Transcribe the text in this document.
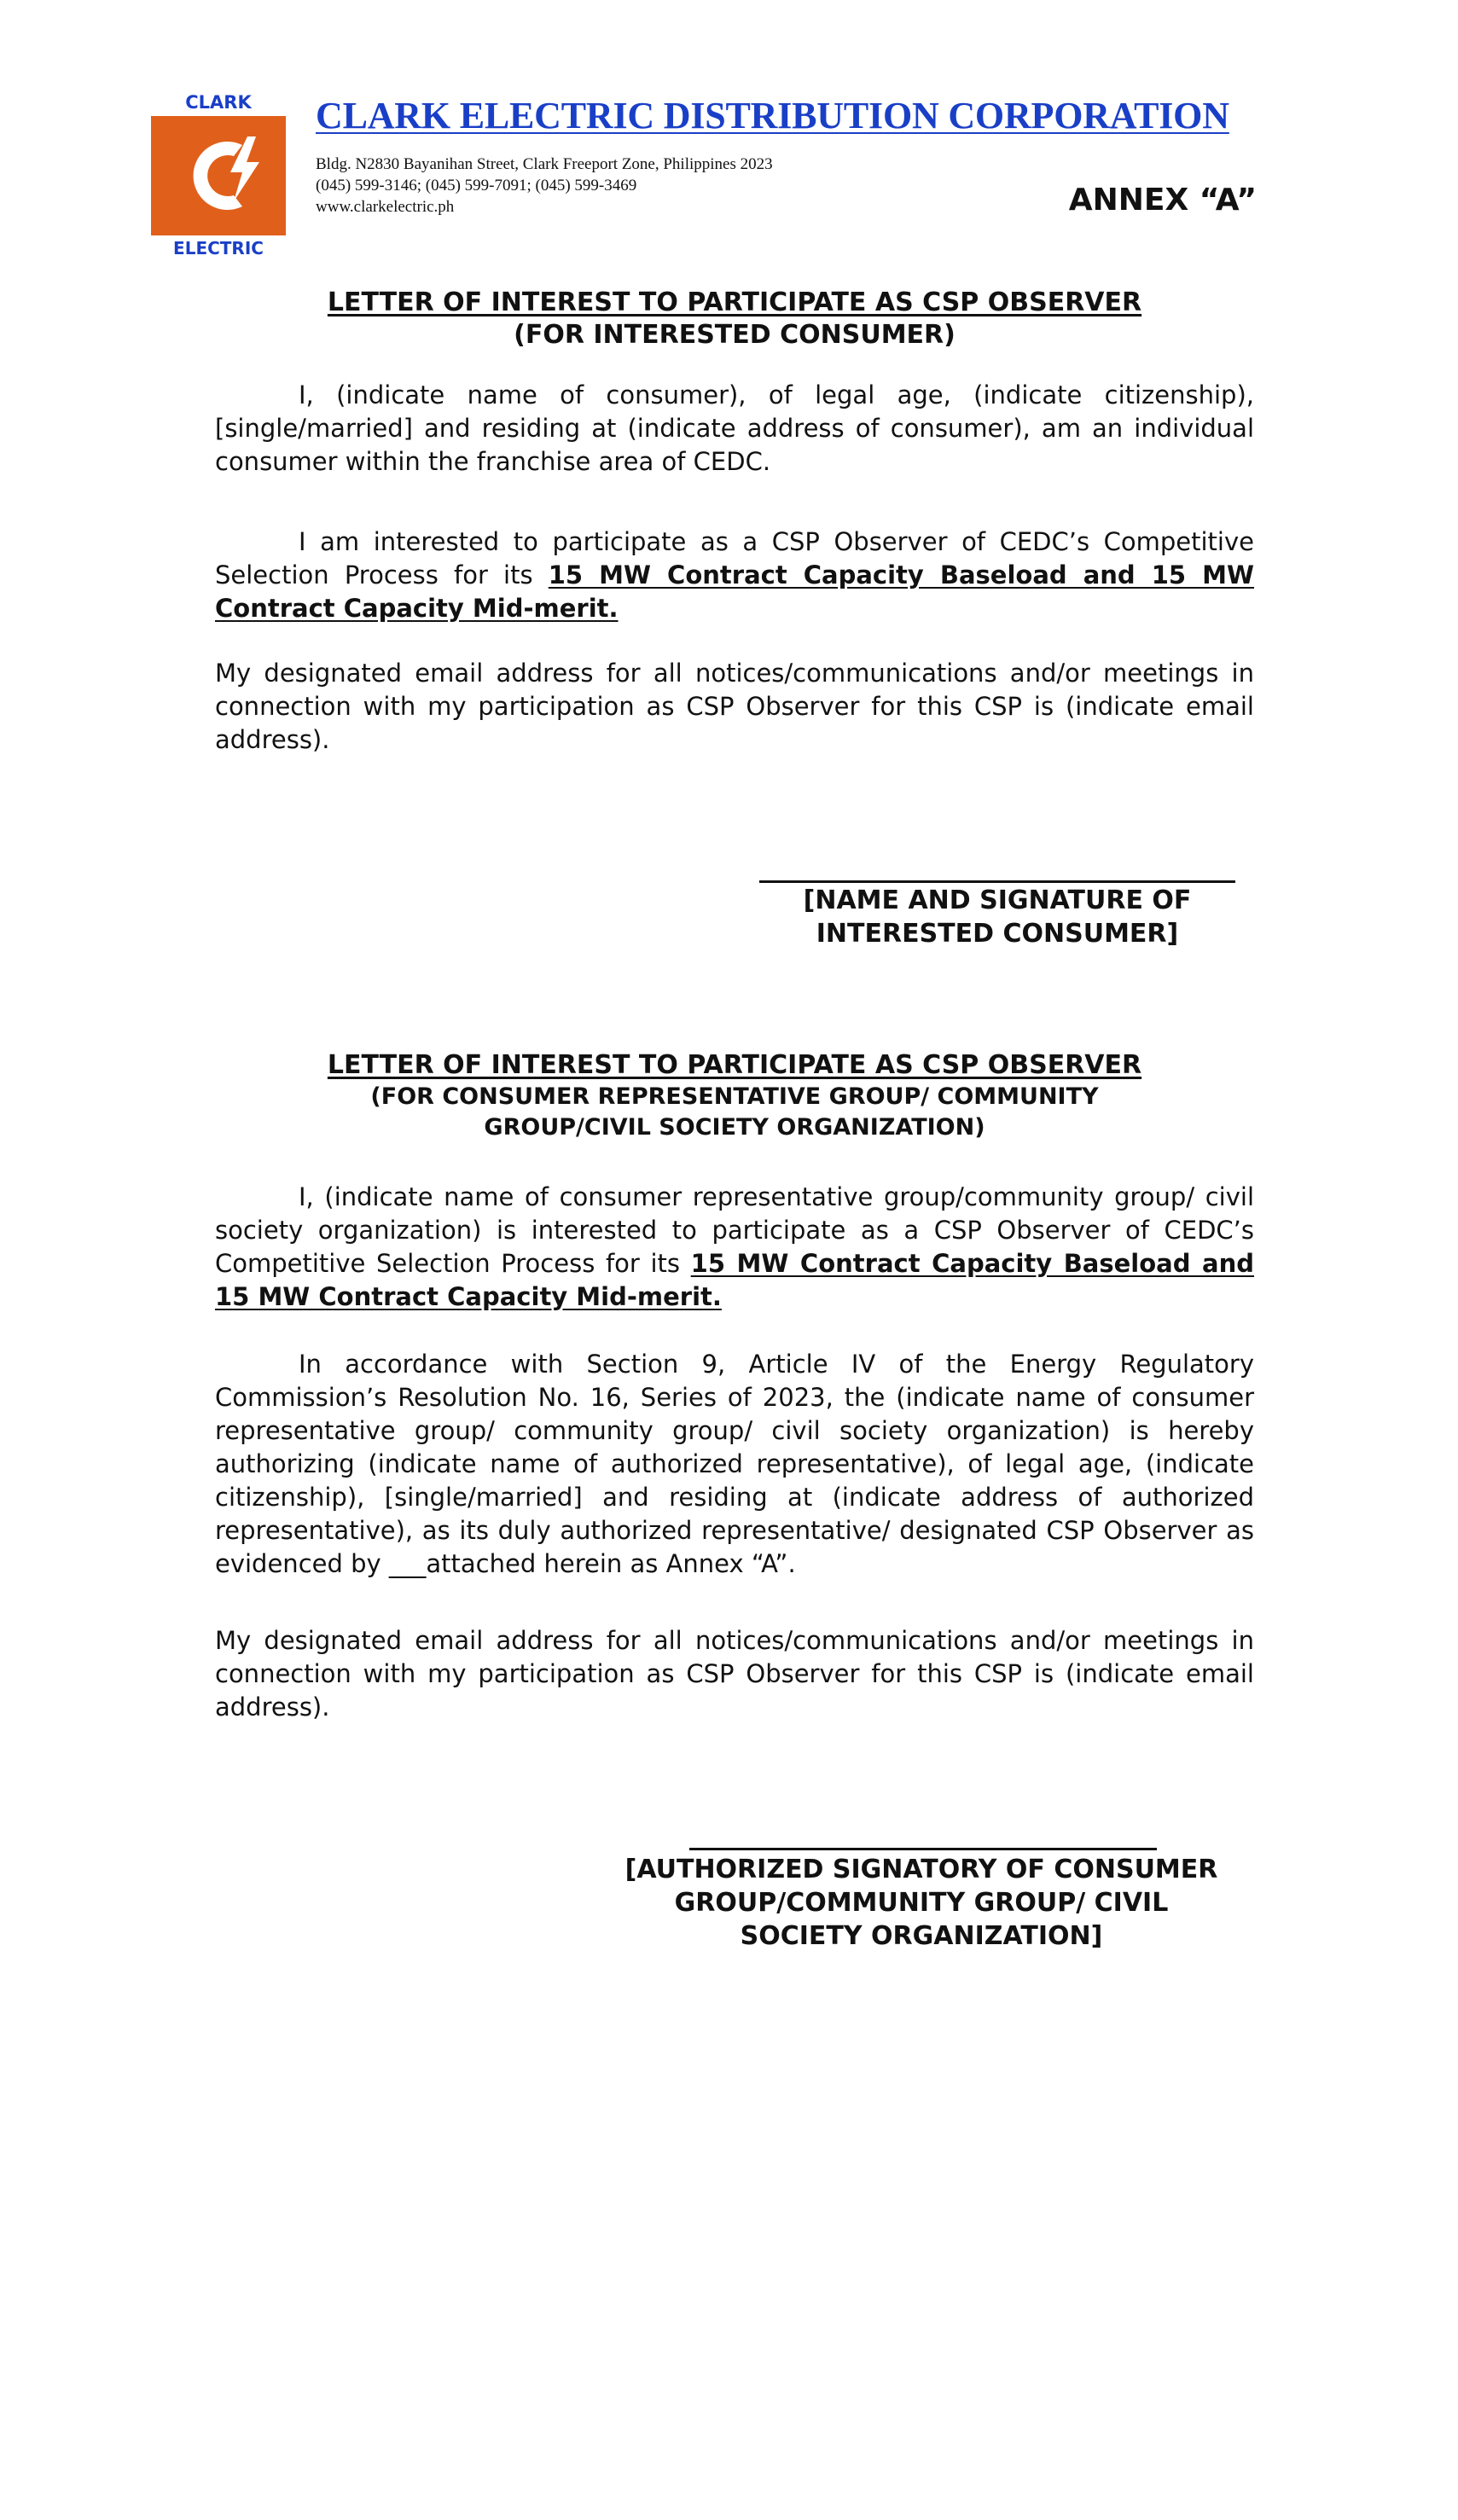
CLARK
ELECTRIC
CLARK ELECTRIC DISTRIBUTION CORPORATION
Bldg. N2830 Bayanihan Street, Clark Freeport Zone, Philippines 2023
(045) 599-3146; (045) 599-7091; (045) 599-3469
www.clarkelectric.ph	ANNEX “A”
LETTER OF INTEREST TO PARTICIPATE AS CSP OBSERVER
(FOR INTERESTED CONSUMER)

I, (indicate name of consumer), of legal age, (indicate citizenship), [single/married] and residing at (indicate address of consumer), am an individual consumer within the franchise area of CEDC.

I am interested to participate as a CSP Observer of CEDC’s Competitive Selection Process for its 15 MW Contract Capacity Baseload and 15 MW Contract Capacity Mid-merit.

My designated email address for all notices/communications and/or meetings in connection with my participation as CSP Observer for this CSP is (indicate email address).

[NAME AND SIGNATURE OF
INTERESTED CONSUMER]
LETTER OF INTEREST TO PARTICIPATE AS CSP OBSERVER
(FOR CONSUMER REPRESENTATIVE GROUP/ COMMUNITY
GROUP/CIVIL SOCIETY ORGANIZATION)

I, (indicate name of consumer representative group/community group/ civil society organization) is interested to participate as a CSP Observer of CEDC’s Competitive Selection Process for its 15 MW Contract Capacity Baseload and 15 MW Contract Capacity Mid-merit.

In accordance with Section 9, Article IV of the Energy Regulatory Commission’s Resolution No. 16, Series of 2023, the (indicate name of consumer representative group/ community group/ civil society organization) is hereby authorizing (indicate name of authorized representative), of legal age, (indicate citizenship), [single/married] and residing at (indicate address of authorized representative), as its duly authorized representative/ designated CSP Observer as evidenced by ___attached herein as Annex “A”.

My designated email address for all notices/communications and/or meetings in connection with my participation as CSP Observer for this CSP is (indicate email address).

[AUTHORIZED SIGNATORY OF CONSUMER
GROUP/COMMUNITY GROUP/ CIVIL
SOCIETY ORGANIZATION]
